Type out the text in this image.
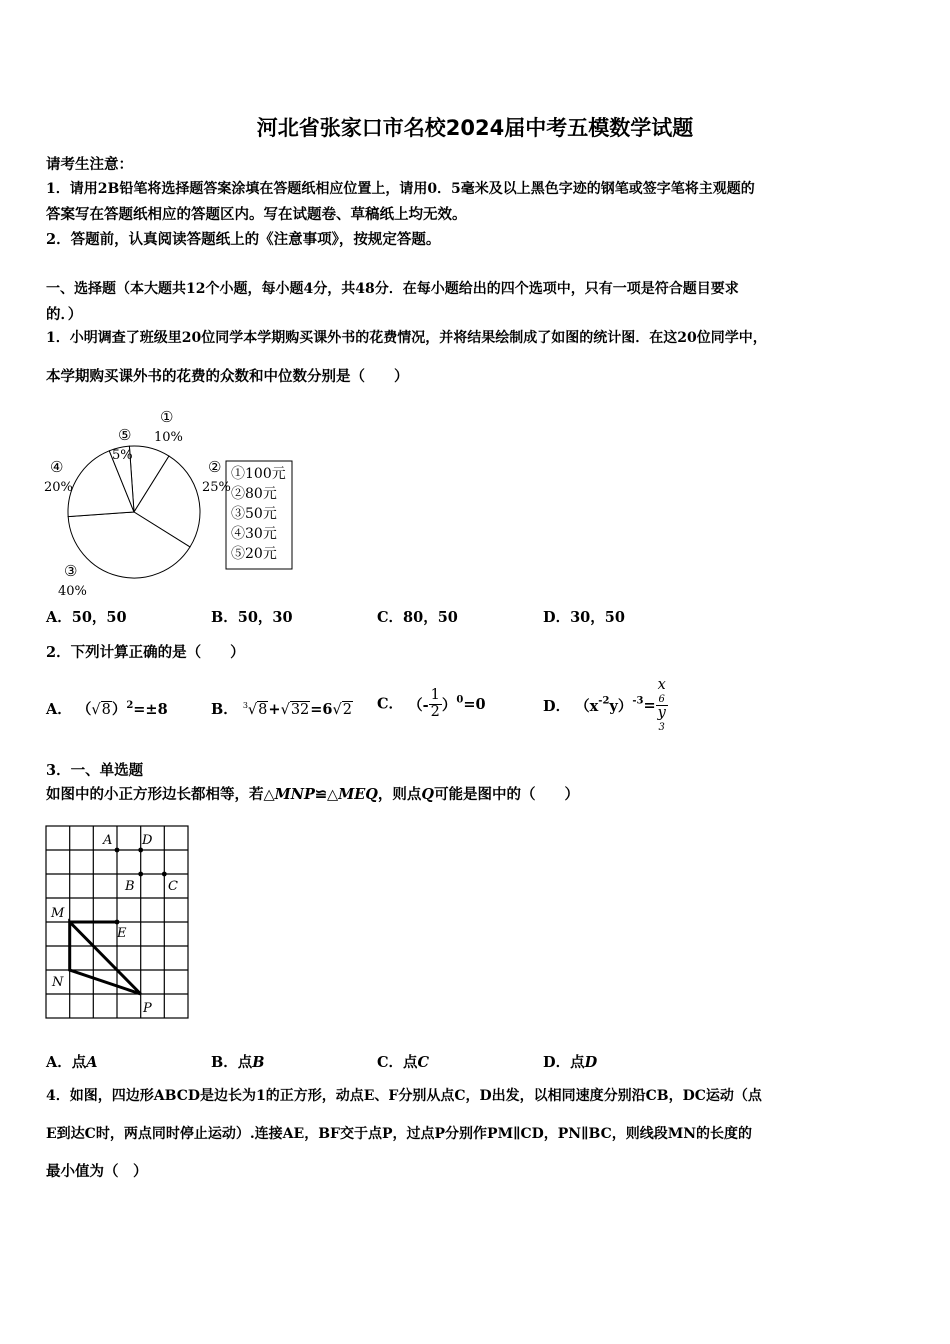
河北省张家口市名校2024届中考五模数学试题
请考生注意：
1．请用2B铅笔将选择题答案涂填在答题纸相应位置上，请用0．5毫米及以上黑色字迹的钢笔或签字笔将主观题的
答案写在答题纸相应的答题区内。写在试题卷、草稿纸上均无效。
2．答题前，认真阅读答题纸上的《注意事项》，按规定答题。
一、选择题（本大题共12个小题，每小题4分，共48分．在每小题给出的四个选项中，只有一项是符合题目要求
的．）
1．小明调查了班级里20位同学本学期购买课外书的花费情况，并将结果绘制成了如图的统计图．在这20位同学中，
本学期购买课外书的花费的众数和中位数分别是（　　）
①
10%
②
25%
③
40%
④
20%
⑤
5%
①100元
②80元
③50元
④30元
⑤20元
A．50，50	B．50，30	C．80，50	D．30，50
2．下列计算正确的是（　　）
A． $(√8)^2=\pm 8$	B． $^3$√8+√32=6√2 C． （- $\frac{1}{2} )^0=0$	D． $(x^{-2}y)^{-3}= x$
6
y
3
3．一、单选题
如图中的小正方形边长都相等，若△MNP≌△MEQ，则点Q可能是图中的（　　）
A D
B	C
M
E
N
P
A．点A	B．点B	C．点C	D．点D
4．如图，四边形ABCD是边长为1的正方形，动点E、F分别从点C，D出发，以相同速度分别沿CB，DC运动（点
E到达C时，两点同时停止运动）.连接AE，BF交于点P，过点P分别作PM∥CD，PN∥BC，则线段MN的长度的
最小值为（　）
